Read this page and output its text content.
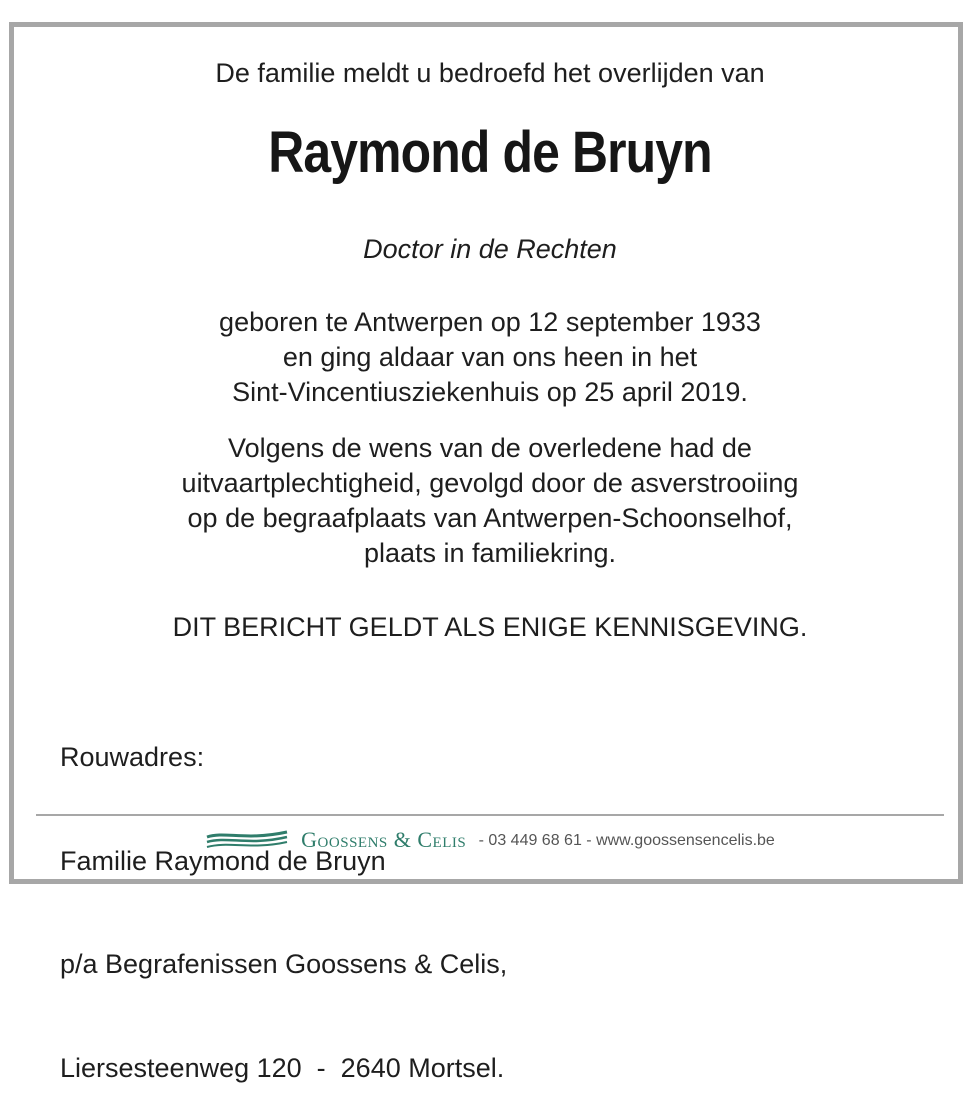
De familie meldt u bedroefd het overlijden van
Raymond de Bruyn
Doctor in de Rechten
geboren te Antwerpen op 12 september 1933
en ging aldaar van ons heen in het
Sint-Vincentiusziekenhuis op 25 april 2019.
Volgens de wens van de overledene had de
uitvaartplechtigheid, gevolgd door de asverstrooiing
op de begraafplaats van Antwerpen-Schoonselhof,
plaats in familiekring.
DIT BERICHT GELDT ALS ENIGE KENNISGEVING.

Rouwadres:

Familie Raymond de Bruyn

p/a Begrafenissen Goossens & Celis,

Liersesteenweg 120  -  2640 Mortsel.

Goossens & Celis - 03 449 68 61 - www.goossensencelis.be
